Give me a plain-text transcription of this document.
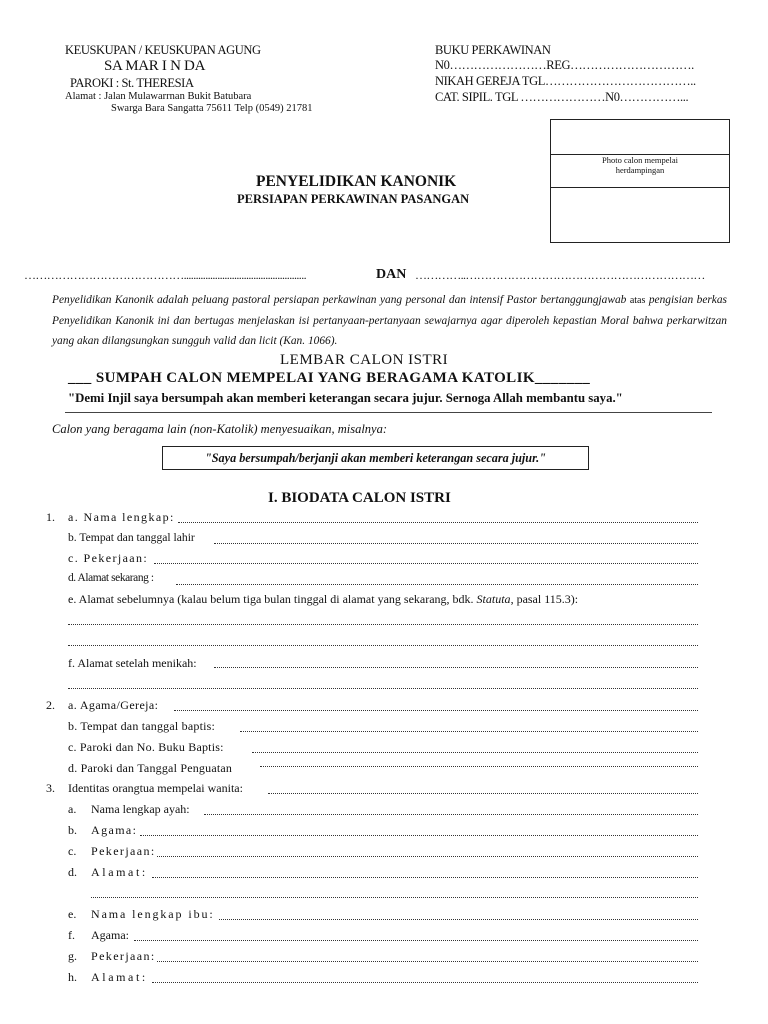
KEUSKUPAN / KEUSKUPAN AGUNG
SA MAR I N DA
PAROKI : St. THERESIA
Alamat : Jalan Mulawarrnan Bukit Batubara
Swarga Bara Sangatta 75611 Telp (0549) 21781
BUKU PERKAWINAN
N0……………………REG………………………….
NIKAH GEREJA TGL………………………………..
CAT. SIPIL. TGL …………………N0……………...
Photo calon mempelai herdampingan
PENYELIDIKAN KANONIK
PERSIAPAN PERKAWINAN PASANGAN
……………………………………...................................................	DAN …………..………………………………………………………
Penyelidikan Kanonik adalah peluang pastoral persiapan perkawinan yang personal dan intensif Pastor bertanggungjawab atas pengisian berkas Penyelidikan Kanonik ini dan bertugas menjelaskan isi pertanyaan-pertanyaan sewajarnya agar diperoleh kepastian Moral bahwa perkarwitzan yang akan dilangsungkan sungguh valid dan licit (Kan. 1066).
LEMBAR CALON ISTRI
___ SUMPAH CALON MEMPELAI YANG BERAGAMA KATOLIK_______
"Demi Injil saya bersumpah akan memberi keterangan secara jujur. Sernoga Allah membantu saya."
Calon yang beragama lain (non-Katolik) menyesuaikan, misalnya:
"Saya bersumpah/berjanji akan memberi keterangan secara jujur."
I. BIODATA CALON ISTRI
1. a. Nama lengkap:
b. Tempat dan tanggal lahir
c. Pekerjaan:
d. Alamat sekarang :
e. Alamat sebelumnya (kalau belum tiga bulan tinggal di alamat yang sekarang, bdk. Statuta, pasal 115.3):
f. Alamat setelah menikah:
2. a. Agama/Gereja:
b. Tempat dan tanggal baptis:
c. Paroki dan No. Buku Baptis:
d. Paroki dan Tanggal Penguatan
3. Identitas orangtua mempelai wanita:
a. Nama lengkap ayah:
b. Agama:
c. Pekerjaan:
d. Alamat:
e. Nama lengkap ibu:
f. Agama:
g. Pekerjaan:
h. Alamat:
